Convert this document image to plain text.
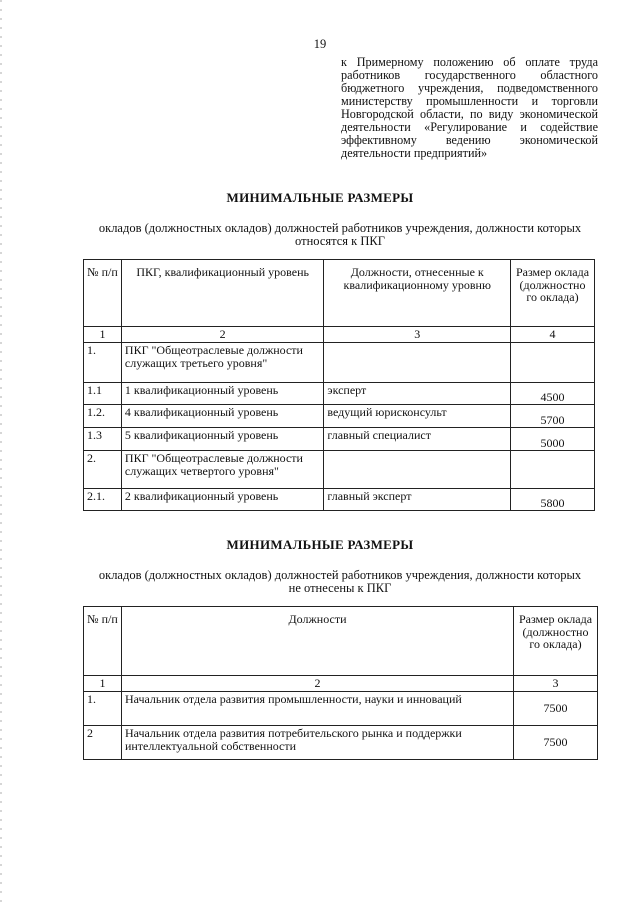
19
к Примерному положению об оплате труда работников государственного областного бюджетного учреждения, подведомственного министерству промышленности и торговли Новгородской области, по виду экономической деятельности «Регулирование и содействие эффективному ведению экономической деятельности предприятий»
МИНИМАЛЬНЫЕ РАЗМЕРЫ
окладов (должностных окладов) должностей работников учреждения, должности которых относятся к ПКГ
№ п/п	ПКГ, квалификационный уровень	Должности, отнесенные к квалификационному уровню	Размер оклада (должностно го оклада)
1	2	3	4
1.	ПКГ "Общеотраслевые должности служащих третьего уровня"		
1.1	1 квалификационный уровень	эксперт	4500
1.2.	4 квалификационный уровень	ведущий юрисконсульт	5700
1.3	5 квалификационный уровень	главный специалист	5000
2.	ПКГ "Общеотраслевые должности служащих четвертого уровня"		
2.1.	2 квалификационный уровень	главный эксперт	5800
МИНИМАЛЬНЫЕ РАЗМЕРЫ
окладов (должностных окладов) должностей работников учреждения, должности которых не отнесены к ПКГ
№ п/п	Должности	Размер оклада (должностно го оклада)
1	2	3
1.	Начальник отдела развития промышленности, науки и инноваций	7500
2	Начальник отдела развития потребительского рынка и поддержки интеллектуальной собственности	7500
